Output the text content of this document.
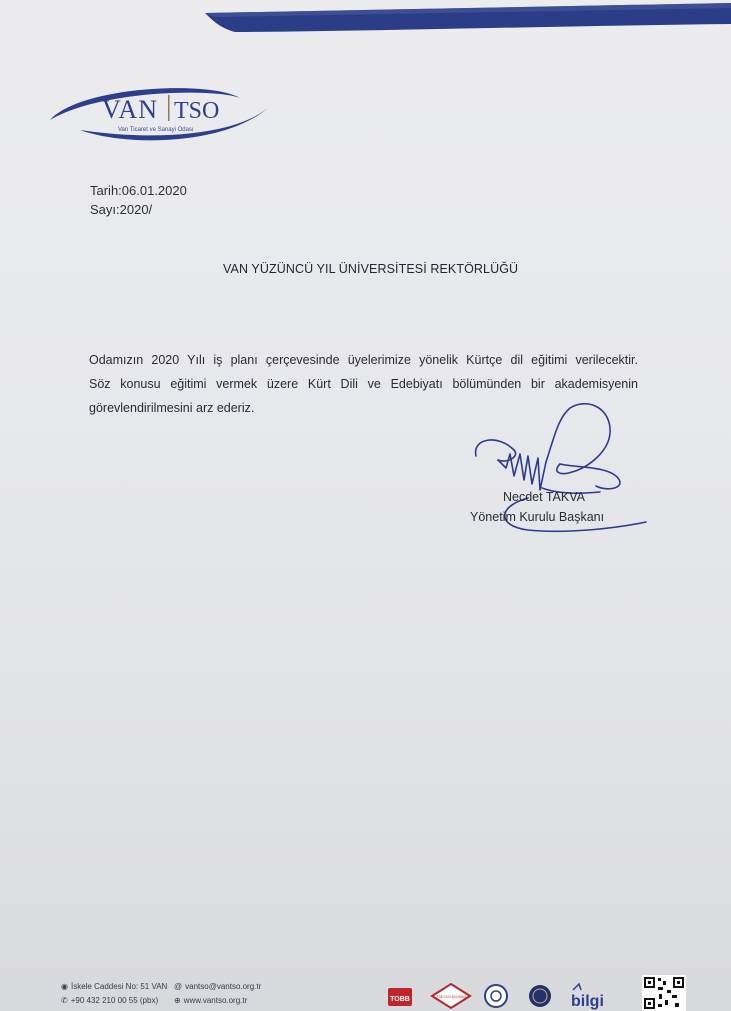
VAN TSO
Van Ticaret ve Sanayi Odası
Tarih:06.01.2020
Sayı:2020/
VAN YÜZÜNCÜ YIL ÜNİVERSİTESİ REKTÖRLÜĞÜ
Odamızın 2020 Yılı iş planı çerçevesinde üyelerimize yönelik Kürtçe dil eğitimi verilecektir.
Söz konusu eğitimi vermek üzere Kürt Dili ve Edebiyatı bölümünden bir akademisyenin
görevlendirilmesini arz ederiz.
Necdet TAKVA
Yönetim Kurulu Başkanı
◉ İskele Caddesi No: 51 VAN
✆ +90 432 210 00 55 (pbx)
@ vantso@vantso.org.tr
⊕ www.vantso.org.tr	TOBB	TSE-ISO-EN 9000	bilgi
